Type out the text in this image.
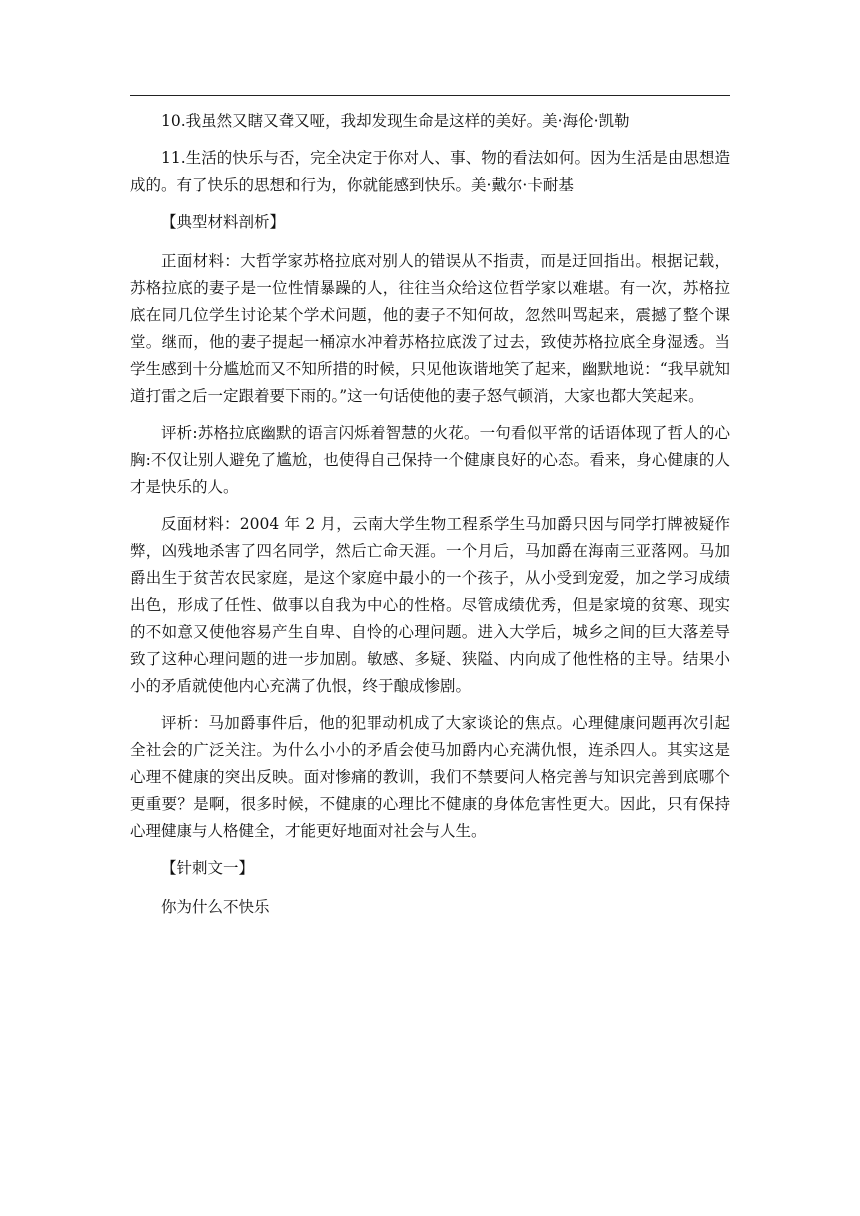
10.我虽然又瞎又聋又哑，我却发现生命是这样的美好。美·海伦·凯勒

11.生活的快乐与否，完全决定于你对人、事、物的看法如何。因为生活是由思想造成的。有了快乐的思想和行为，你就能感到快乐。美·戴尔·卡耐基

【典型材料剖析】

正面材料：大哲学家苏格拉底对别人的错误从不指责，而是迂回指出。根据记载，苏格拉底的妻子是一位性情暴躁的人，往往当众给这位哲学家以难堪。有一次，苏格拉底在同几位学生讨论某个学术问题，他的妻子不知何故，忽然叫骂起来，震撼了整个课堂。继而，他的妻子提起一桶凉水冲着苏格拉底泼了过去，致使苏格拉底全身湿透。当学生感到十分尴尬而又不知所措的时候，只见他诙谐地笑了起来，幽默地说：“我早就知道打雷之后一定跟着要下雨的。”这一句话使他的妻子怒气顿消，大家也都大笑起来。

评析:苏格拉底幽默的语言闪烁着智慧的火花。一句看似平常的话语体现了哲人的心胸:不仅让别人避免了尴尬，也使得自己保持一个健康良好的心态。看来，身心健康的人才是快乐的人。

反面材料：2004 年 2 月，云南大学生物工程系学生马加爵只因与同学打牌被疑作弊，凶残地杀害了四名同学，然后亡命天涯。一个月后，马加爵在海南三亚落网。马加爵出生于贫苦农民家庭，是这个家庭中最小的一个孩子，从小受到宠爱，加之学习成绩出色，形成了任性、做事以自我为中心的性格。尽管成绩优秀，但是家境的贫寒、现实的不如意又使他容易产生自卑、自怜的心理问题。进入大学后，城乡之间的巨大落差导致了这种心理问题的进一步加剧。敏感、多疑、狭隘、内向成了他性格的主导。结果小小的矛盾就使他内心充满了仇恨，终于酿成惨剧。

评析：马加爵事件后，他的犯罪动机成了大家谈论的焦点。心理健康问题再次引起全社会的广泛关注。为什么小小的矛盾会使马加爵内心充满仇恨，连杀四人。其实这是心理不健康的突出反映。面对惨痛的教训，我们不禁要问人格完善与知识完善到底哪个更重要？是啊，很多时候，不健康的心理比不健康的身体危害性更大。因此，只有保持心理健康与人格健全，才能更好地面对社会与人生。

【针刺文一】

你为什么不快乐
